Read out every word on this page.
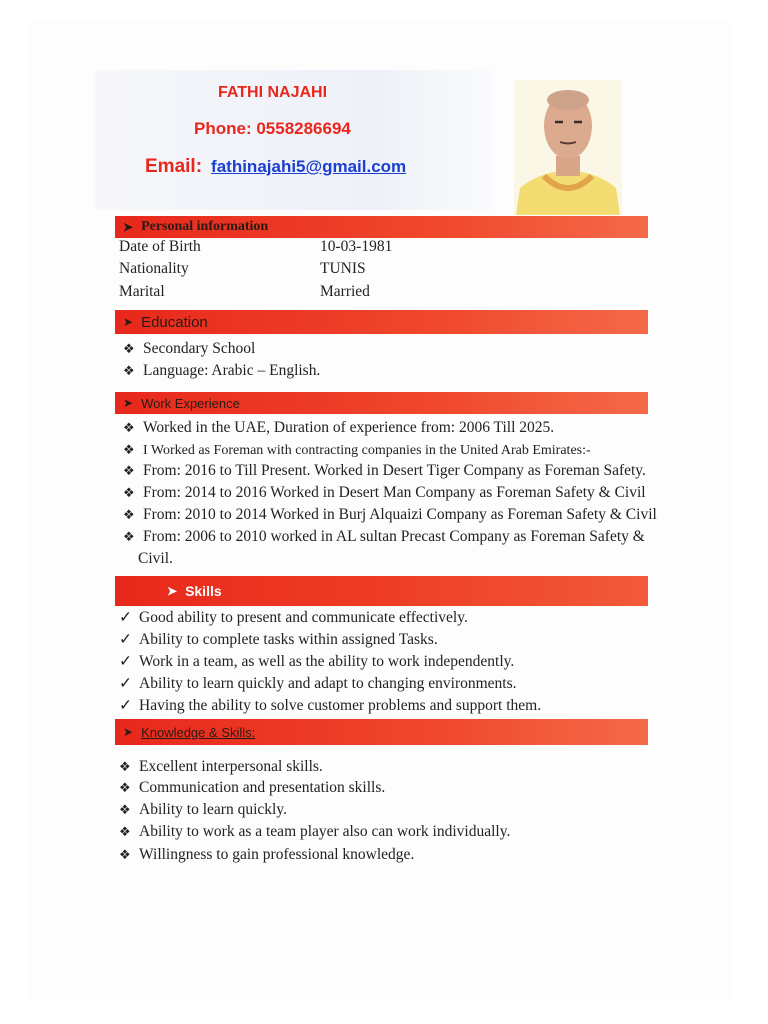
FATHI NAJAHI
Phone: 0558286694
Email: fathinajahi5@gmail.com
➤ Personal information
Date of Birth	10-03-1981
Nationality	TUNIS
Marital	Married
➤ Education
❖ Secondary School
❖ Language: Arabic – English.
➤ Work Experience
❖ Worked in the UAE, Duration of experience from: 2006 Till 2025.
❖ I Worked as Foreman with contracting companies in the United Arab Emirates:-
❖ From: 2016 to Till Present. Worked in Desert Tiger Company as Foreman Safety.
❖ From: 2014 to 2016 Worked in Desert Man Company as Foreman Safety & Civil
❖ From: 2010 to 2014 Worked in Burj Alquaizi Company as Foreman Safety & Civil
❖ From: 2006 to 2010 worked in AL sultan Precast Company as Foreman Safety &
Civil.
➤ Skills
✓ Good ability to present and communicate effectively.
✓ Ability to complete tasks within assigned Tasks.
✓ Work in a team, as well as the ability to work independently.
✓ Ability to learn quickly and adapt to changing environments.
✓ Having the ability to solve customer problems and support them.
➤ Knowledge & Skills:
❖ Excellent interpersonal skills.
❖ Communication and presentation skills.
❖ Ability to learn quickly.
❖ Ability to work as a team player also can work individually.
❖ Willingness to gain professional knowledge.
